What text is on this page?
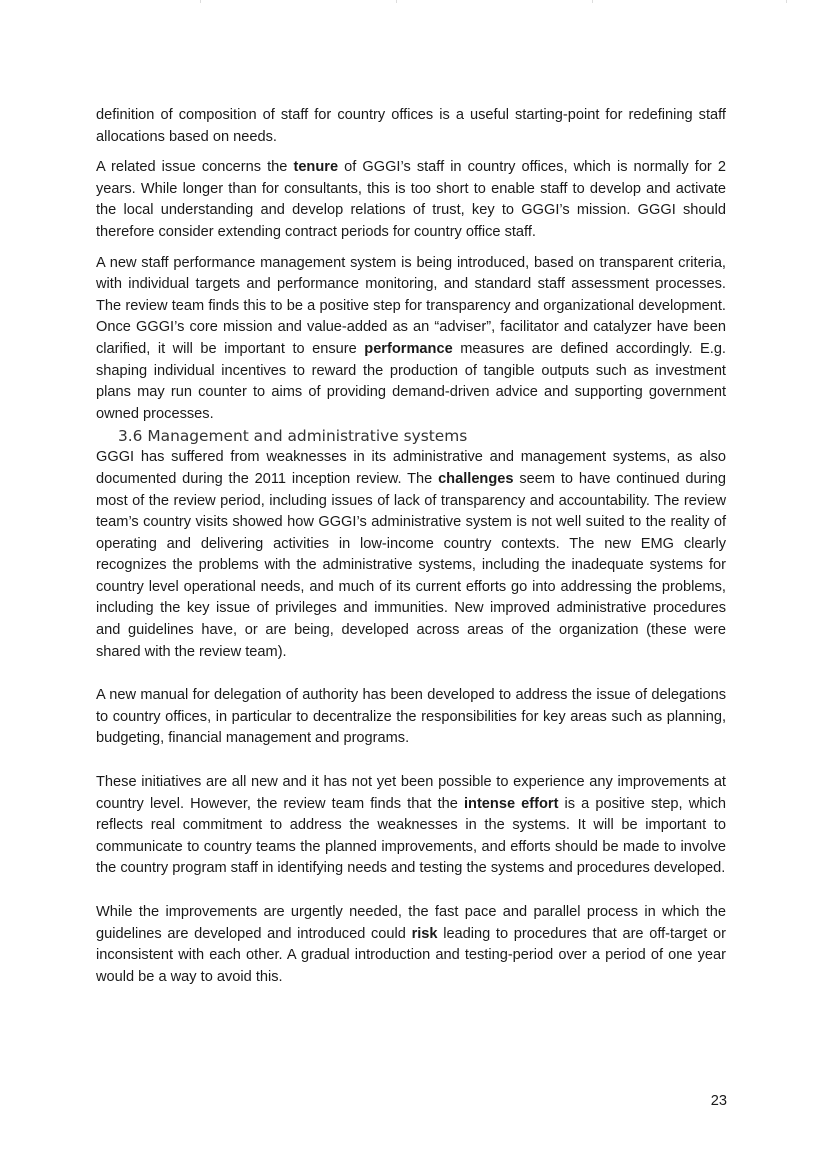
definition of composition of staff for country offices is a useful starting-point for redefining staff allocations based on needs.

A related issue concerns the tenure of GGGI’s staff in country offices, which is normally for 2 years. While longer than for consultants, this is too short to enable staff to develop and activate the local understanding and develop relations of trust, key to GGGI’s mission. GGGI should therefore consider extending contract periods for country office staff.

A new staff performance management system is being introduced, based on transparent criteria, with individual targets and performance monitoring, and standard staff assessment processes. The review team finds this to be a positive step for transparency and organizational development. Once GGGI’s core mission and value-added as an “adviser”, facilitator and catalyzer have been clarified, it will be important to ensure performance measures are defined accordingly. E.g. shaping individual incentives to reward the production of tangible outputs such as investment plans may run counter to aims of providing demand-driven advice and supporting government owned processes.

3.6 Management and administrative systems

GGGI has suffered from weaknesses in its administrative and management systems, as also documented during the 2011 inception review. The challenges seem to have continued during most of the review period, including issues of lack of transparency and accountability. The review team’s country visits showed how GGGI’s administrative system is not well suited to the reality of operating and delivering activities in low-income country contexts. The new EMG clearly recognizes the problems with the administrative systems, including the inadequate systems for country level operational needs, and much of its current efforts go into addressing the problems, including the key issue of privileges and immunities. New improved administrative procedures and guidelines have, or are being, developed across areas of the organization (these were shared with the review team).

A new manual for delegation of authority has been developed to address the issue of delegations to country offices, in particular to decentralize the responsibilities for key areas such as planning, budgeting, financial management and programs.

These initiatives are all new and it has not yet been possible to experience any improvements at country level. However, the review team finds that the intense effort is a positive step, which reflects real commitment to address the weaknesses in the systems. It will be important to communicate to country teams the planned improvements, and efforts should be made to involve the country program staff in identifying needs and testing the systems and procedures developed.

While the improvements are urgently needed, the fast pace and parallel process in which the guidelines are developed and introduced could risk leading to procedures that are off-target or inconsistent with each other. A gradual introduction and testing-period over a period of one year would be a way to avoid this.

23
